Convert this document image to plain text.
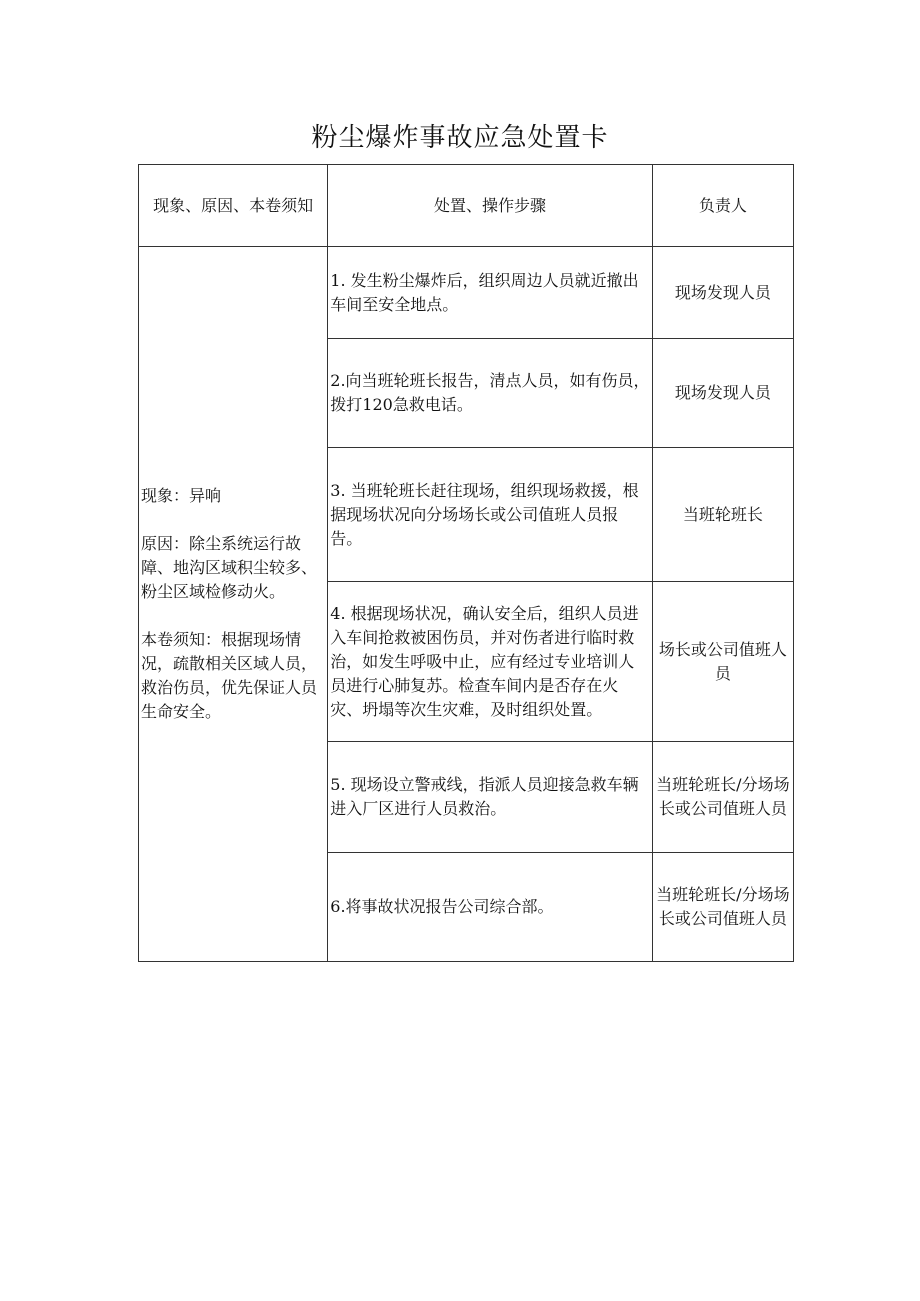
粉尘爆炸事故应急处置卡
现象、原因、本卷须知	处置、操作步骤	负责人

现象：异响

原因：除尘系统运行故障、地沟区域积尘较多、粉尘区域检修动火。

本卷须知：根据现场情况，疏散相关区域人员，救治伤员，优先保证人员生命安全。	1. 发生粉尘爆炸后，组织周边人员就近撤出车间至安全地点。	现场发现人员
	2.向当班轮班长报告，清点人员，如有伤员，拨打120急救电话。	现场发现人员
	3. 当班轮班长赶往现场，组织现场救援，根据现场状况向分场场长或公司值班人员报告。	当班轮班长
	4. 根据现场状况，确认安全后，组织人员进入车间抢救被困伤员，并对伤者进行临时救治，如发生呼吸中止，应有经过专业培训人员进行心肺复苏。检查车间内是否存在火灾、坍塌等次生灾难，及时组织处置。	场长或公司值班人员
	5. 现场设立警戒线，指派人员迎接急救车辆进入厂区进行人员救治。	当班轮班长/分场场长或公司值班人员
	6.将事故状况报告公司综合部。	当班轮班长/分场场长或公司值班人员
